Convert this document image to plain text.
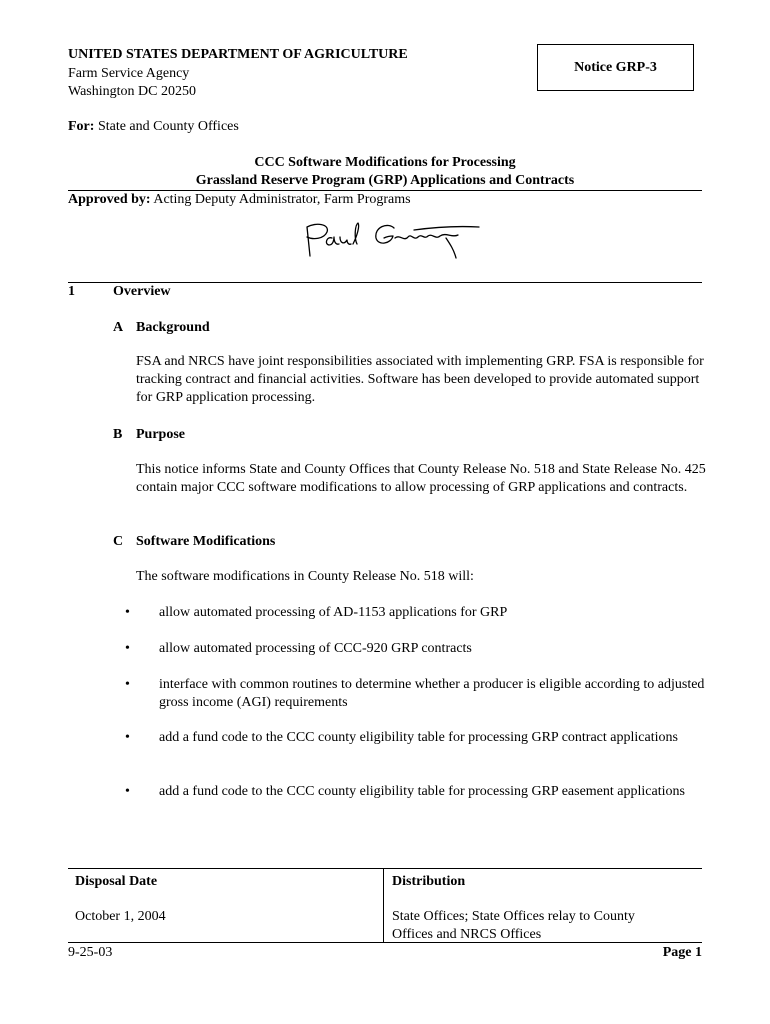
UNITED STATES DEPARTMENT OF AGRICULTURE
Farm Service Agency
Washington DC 20250
Notice GRP-3
For: State and County Offices
CCC Software Modifications for Processing
Grassland Reserve Program (GRP) Applications and Contracts
Approved by: Acting Deputy Administrator, Farm Programs
1	Overview
A Background
FSA and NRCS have joint responsibilities associated with implementing GRP. FSA is responsible for tracking contract and financial activities. Software has been developed to provide automated support for GRP application processing.
B Purpose
This notice informs State and County Offices that County Release No. 518 and State Release No. 425 contain major CCC software modifications to allow processing of GRP applications and contracts.
C Software Modifications
The software modifications in County Release No. 518 will:
• allow automated processing of AD-1153 applications for GRP
• allow automated processing of CCC-920 GRP contracts
• interface with common routines to determine whether a producer is eligible according to adjusted gross income (AGI) requirements
• add a fund code to the CCC county eligibility table for processing GRP contract applications
• add a fund code to the CCC county eligibility table for processing GRP easement applications
Disposal Date
October 1, 2004
Distribution
State Offices; State Offices relay to County Offices and NRCS Offices
9-25-03	Page 1
